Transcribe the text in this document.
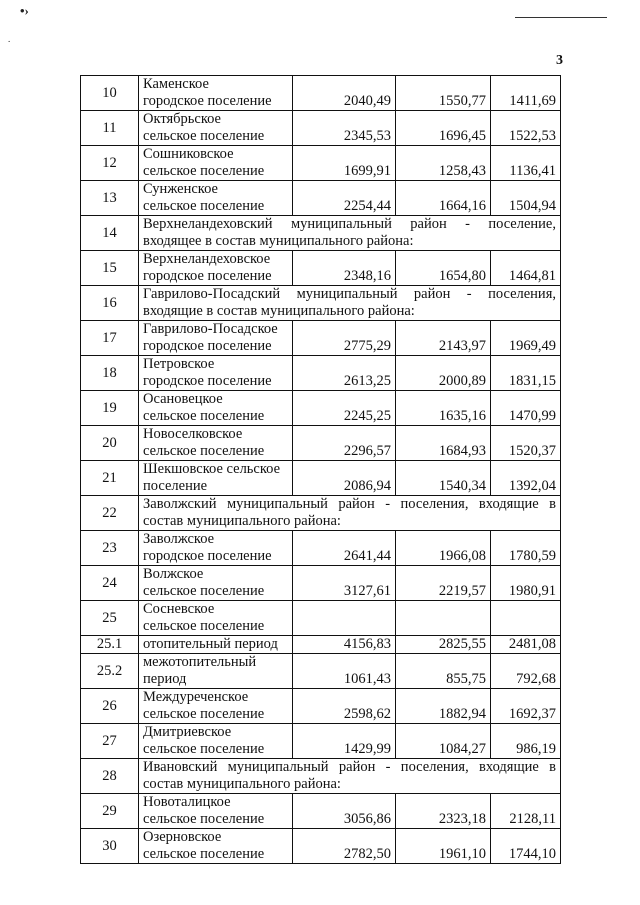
•›
.
3
10	Каменское
городское поселение	2040,49	1550,77	1411,69
11	Октябрьское
сельское поселение	2345,53	1696,45	1522,53
12	Сошниковское
сельское поселение	1699,91	1258,43	1136,41
13	Сунженское
сельское поселение	2254,44	1664,16	1504,94
14	Верхнеландеховский муниципальный район - поселение, входящее в состав муниципального района:			
15	Верхнеландеховское
городское поселение	2348,16	1654,80	1464,81
16	Гаврилово-Посадский муниципальный район - поселения, входящие в состав муниципального района:			
17	Гаврилово-Посадское
городское поселение	2775,29	2143,97	1969,49
18	Петровское
городское поселение	2613,25	2000,89	1831,15
19	Осановецкое
сельское поселение	2245,25	1635,16	1470,99
20	Новоселковское
сельское поселение	2296,57	1684,93	1520,37
21	Шекшовское сельское
поселение	2086,94	1540,34	1392,04
22	Заволжский муниципальный район - поселения, входящие в состав муниципального района:			
23	Заволжское
городское поселение	2641,44	1966,08	1780,59
24	Волжское
сельское поселение	3127,61	2219,57	1980,91
25	Сосневское
сельское поселение			

25.1	отопительный период	4156,83	2825,55	2481,08
25.2	межотопительный
период	1061,43	855,75	792,68
26	Междуреченское
сельское поселение	2598,62	1882,94	1692,37
27	Дмитриевское
сельское поселение	1429,99	1084,27	986,19
28	Ивановский муниципальный район - поселения, входящие в состав муниципального района:			
29	Новоталицкое
сельское поселение	3056,86	2323,18	2128,11
30	Озерновское
сельское поселение	2782,50	1961,10	1744,10
